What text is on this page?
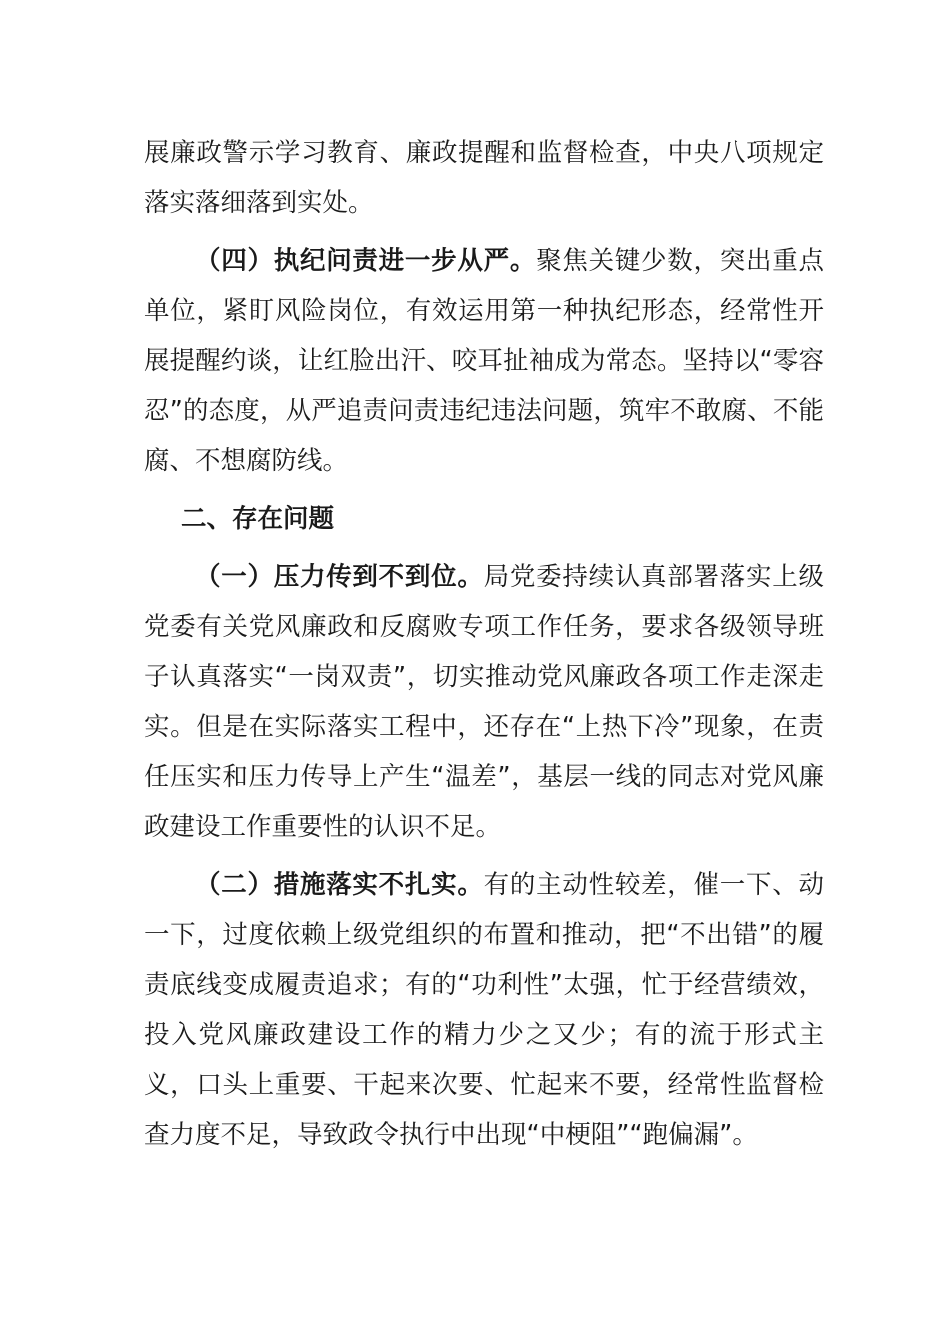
展廉政警示学习教育、廉政提醒和监督检查，中央八项规定落实落细落到实处。

（四）执纪问责进一步从严。聚焦关键少数，突出重点单位，紧盯风险岗位，有效运用第一种执纪形态，经常性开展提醒约谈，让红脸出汗、咬耳扯袖成为常态。坚持以“零容忍”的态度，从严追责问责违纪违法问题，筑牢不敢腐、不能腐、不想腐防线。

二、存在问题

（一）压力传到不到位。局党委持续认真部署落实上级党委有关党风廉政和反腐败专项工作任务，要求各级领导班子认真落实“一岗双责”，切实推动党风廉政各项工作走深走实。但是在实际落实工程中，还存在“上热下冷”现象，在责任压实和压力传导上产生“温差”，基层一线的同志对党风廉政建设工作重要性的认识不足。

（二）措施落实不扎实。有的主动性较差，催一下、动一下，过度依赖上级党组织的布置和推动，把“不出错”的履责底线变成履责追求；有的“功利性”太强，忙于经营绩效，投入党风廉政建设工作的精力少之又少；有的流于形式主义，口头上重要、干起来次要、忙起来不要，经常性监督检查力度不足，导致政令执行中出现“中梗阻”“跑偏漏”。
